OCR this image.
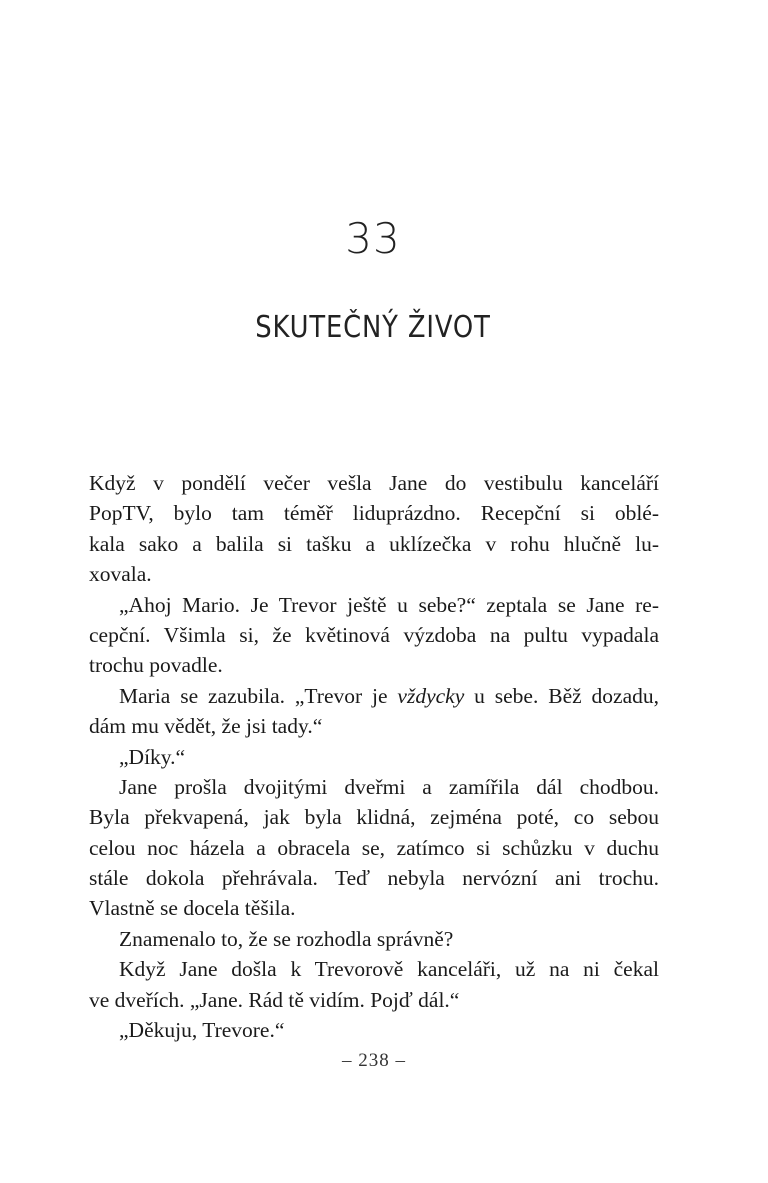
33
SKUTEČNÝ ŽIVOT
Když v pondělí večer vešla Jane do vestibulu kanceláří
PopTV, bylo tam téměř liduprázdno. Recepční si oblé-
kala sako a balila si tašku a uklízečka v rohu hlučně lu-
xovala.
„Ahoj Mario. Je Trevor ještě u sebe?“ zeptala se Jane re-
cepční. Všimla si, že květinová výzdoba na pultu vypadala
trochu povadle.
Maria se zazubila. „Trevor je vždycky u sebe. Běž dozadu,
dám mu vědět, že jsi tady.“
„Díky.“
Jane prošla dvojitými dveřmi a zamířila dál chodbou.
Byla překvapená, jak byla klidná, zejména poté, co sebou
celou noc házela a obracela se, zatímco si schůzku v duchu
stále dokola přehrávala. Teď nebyla nervózní ani trochu.
Vlastně se docela těšila.
Znamenalo to, že se rozhodla správně?
Když Jane došla k Trevorově kanceláři, už na ni čekal
ve dveřích. „Jane. Rád tě vidím. Pojď dál.“
„Děkuju, Trevore.“
– 238 –
